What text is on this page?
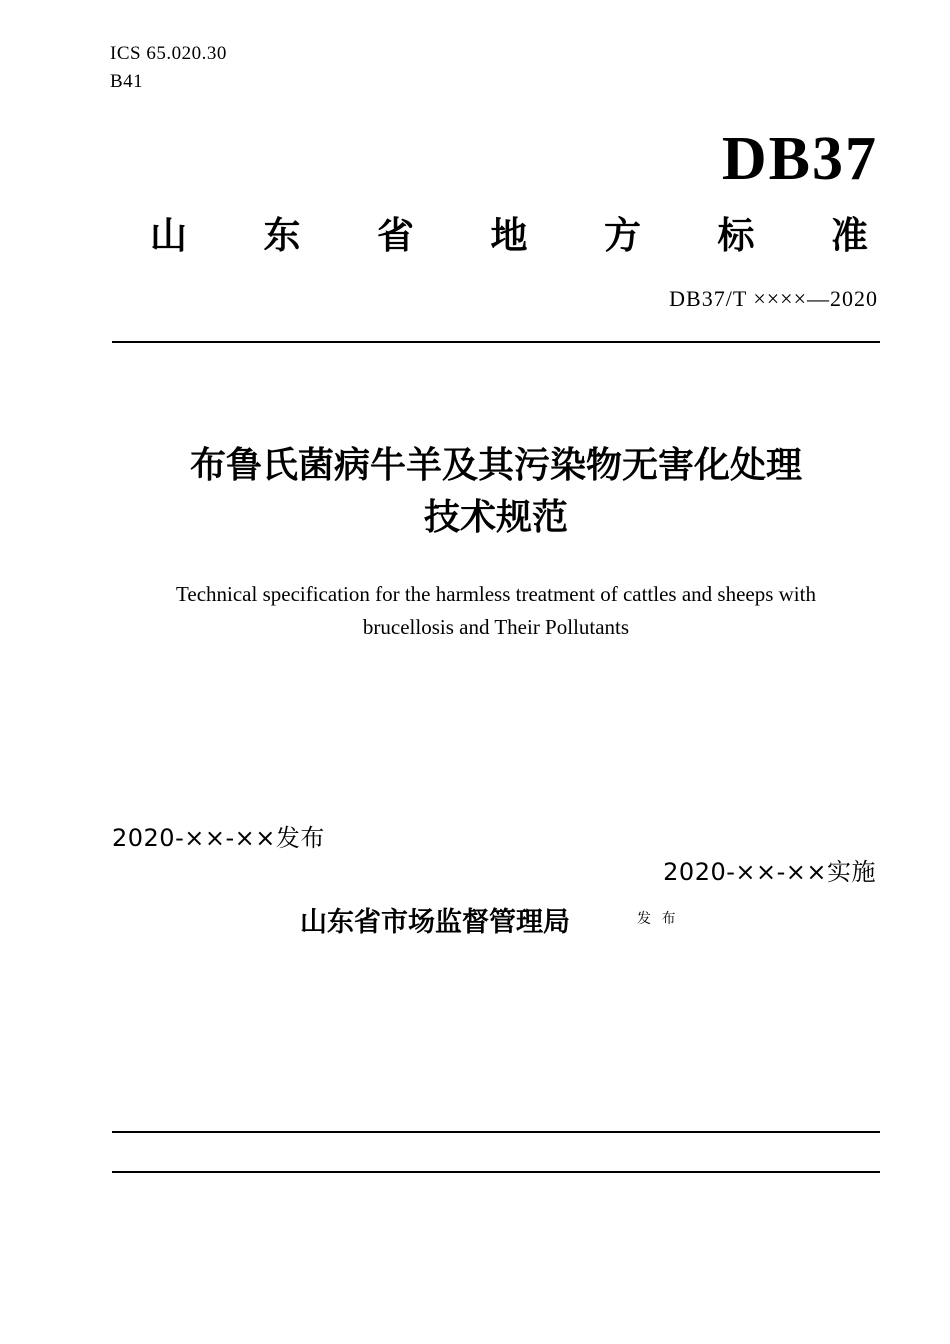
ICS 65.020.30
B41
DB37
山 东 省 地 方 标 准
DB37/T ××××—2020
布鲁氏菌病牛羊及其污染物无害化处理
技术规范
Technical specification for the harmless treatment of cattles and sheeps with
brucellosis and Their Pollutants
2020-××-××发布
2020-××-××实施
山东省市场监督管理局	发 布
